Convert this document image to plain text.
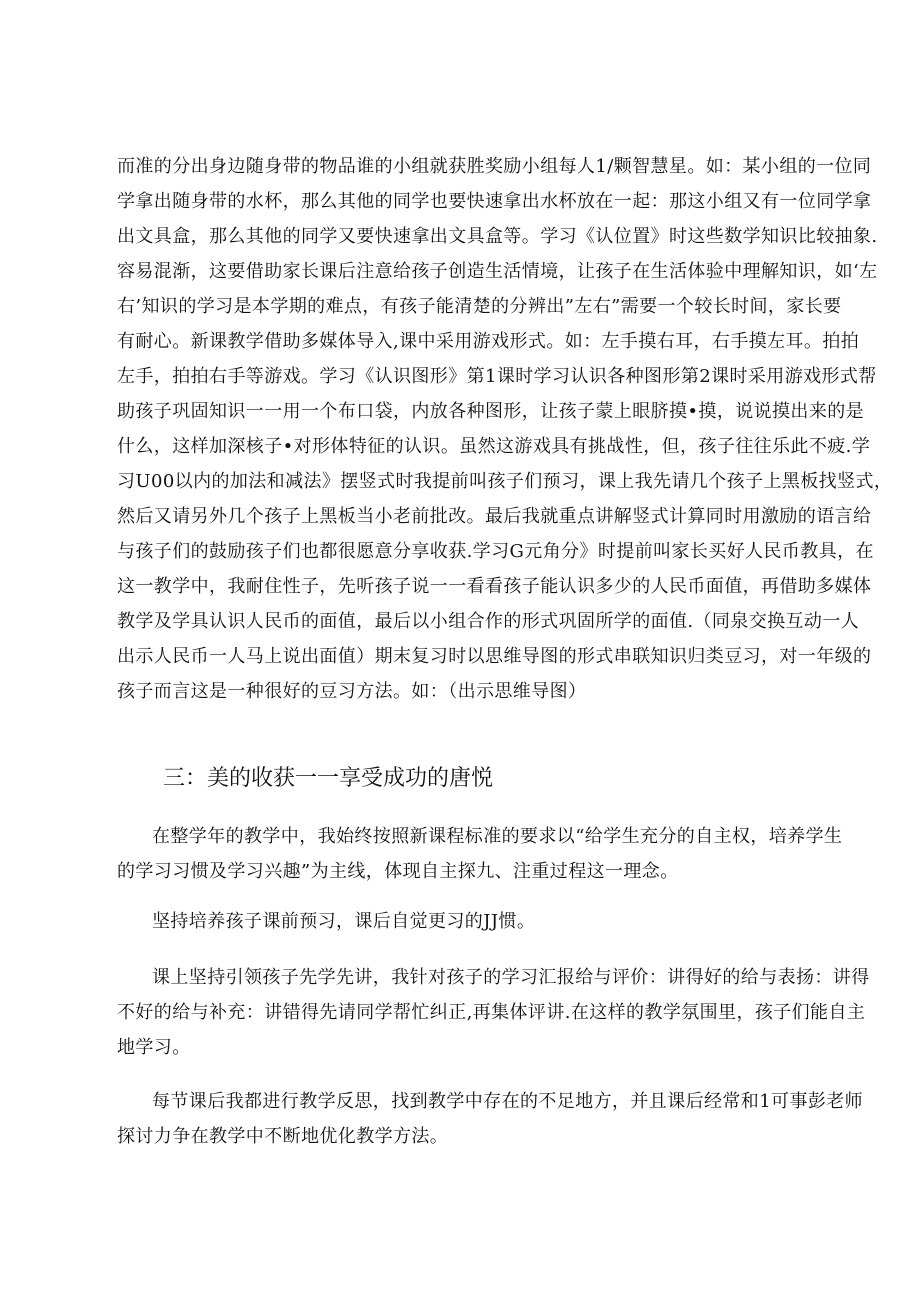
而准的分出身边随身带的物品谁的小组就获胜奖励小组每人1/颗智慧星。如：某小组的一位同
学拿出随身带的水杯，那么其他的同学也要快速拿出水杯放在一起：那这小组又有一位同学拿
出文具盒，那么其他的同学又要快速拿出文具盒等。学习《认位置》时这些数学知识比较抽象.
容易混渐，这要借助家长课后注意给孩子创造生活情境，让孩子在生活体验中理解知识，如‘左
右’知识的学习是本学期的难点，有孩子能清楚的分辨出”左右”需要一个较长时间，家长要
有耐心。新课教学借助多媒体导入,课中采用游戏形式。如：左手摸右耳，右手摸左耳。拍拍
左手，拍拍右手等游戏。学习《认识图形》第1课时学习认识各种图形第2课时采用游戏形式帮
助孩子巩固知识一一用一个布口袋，内放各种图形，让孩子蒙上眼脐摸•摸，说说摸出来的是
什么，这样加深核子•对形体特征的认识。虽然这游戏具有挑战性，但，孩子往往乐此不疲.学
习U00以内的加法和减法》摆竖式时我提前叫孩子们预习，课上我先请几个孩子上黑板找竖式，
然后又请另外几个孩子上黑板当小老前批改。最后我就重点讲解竖式计算同时用激励的语言给
与孩子们的鼓励孩子们也都很愿意分享收获.学习G元角分》时提前叫家长买好人民币教具，在
这一教学中，我耐住性子，先听孩子说一一看看孩子能认识多少的人民币面值，再借助多媒体
教学及学具认识人民币的面值，最后以小组合作的形式巩固所学的面值.（同泉交换互动一人
出示人民币一人马上说出面值）期末复习时以思维导图的形式串联知识归类豆习，对一年级的
孩子而言这是一种很好的豆习方法。如：（出示思维导图）
三：美的收获一一享受成功的唐悦
在整学年的教学中，我始终按照新课程标准的要求以“给学生充分的自主权，培养学生
的学习习惯及学习兴趣”为主线，体现自主探九、注重过程这一理念。
坚持培养孩子课前预习，课后自觉更习的JJ惯。
课上坚持引领孩子先学先讲，我针对孩子的学习汇报给与评价：讲得好的给与表扬：讲得
不好的给与补充：讲错得先请同学帮忙纠正,再集体评讲.在这样的教学氛围里，孩子们能自主
地学习。
每节课后我都进行教学反思，找到教学中存在的不足地方，并且课后经常和1可事彭老师
探讨力争在教学中不断地优化教学方法。
